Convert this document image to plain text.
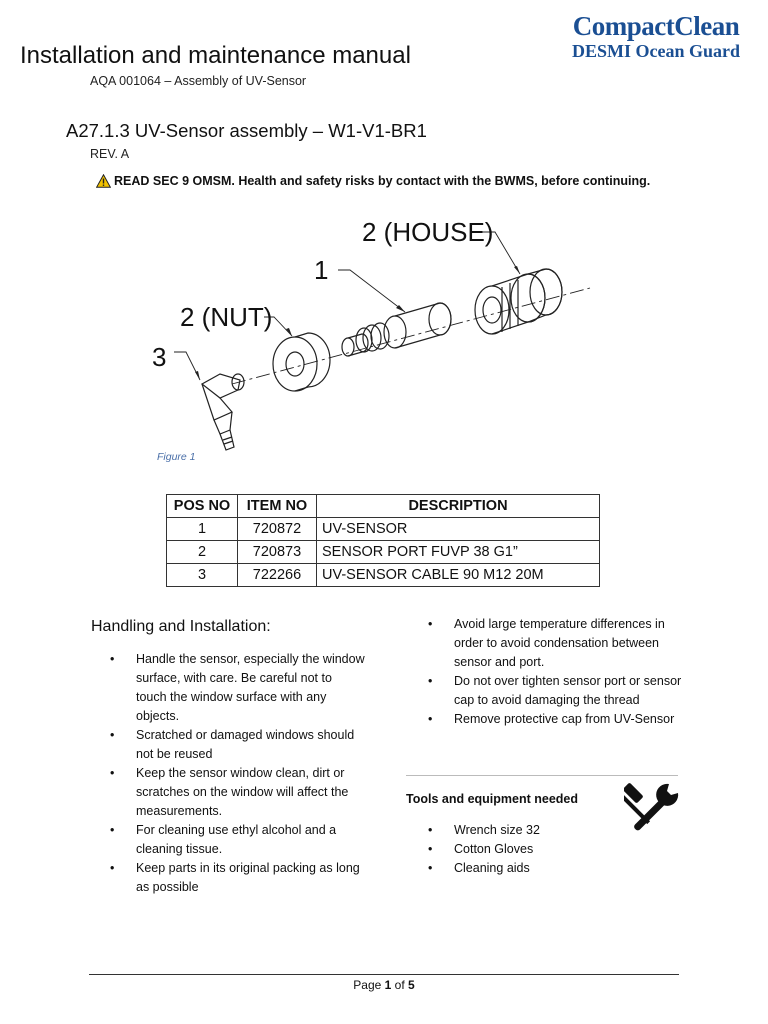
Installation and maintenance manual
AQA 001064 – Assembly of UV-Sensor
CompactClean
DESMI Ocean Guard
A27.1.3 UV-Sensor assembly – W1-V1-BR1
REV. A
READ SEC 9 OMSM. Health and safety risks by contact with the BWMS, before continuing.
2 (HOUSE)
1
2 (NUT)
3
Figure 1
POS NO	ITEM NO	DESCRIPTION
1	720872	UV-SENSOR
2	720873	SENSOR PORT FUVP 38 G1”
3	722266	UV-SENSOR CABLE 90 M12 20M
Handling and Installation:
• Handle the sensor, especially the window surface, with care. Be careful not to touch the window surface with any objects.
• Scratched or damaged windows should not be reused
• Keep the sensor window clean, dirt or scratches on the window will affect the measurements.
• For cleaning use ethyl alcohol and a cleaning tissue.
• Keep parts in its original packing as long as possible
• Avoid large temperature differences in order to avoid condensation between sensor and port.
• Do not over tighten sensor port or sensor cap to avoid damaging the thread
• Remove protective cap from UV-Sensor
Tools and equipment needed
• Wrench size 32
• Cotton Gloves
• Cleaning aids
Page 1 of 5
